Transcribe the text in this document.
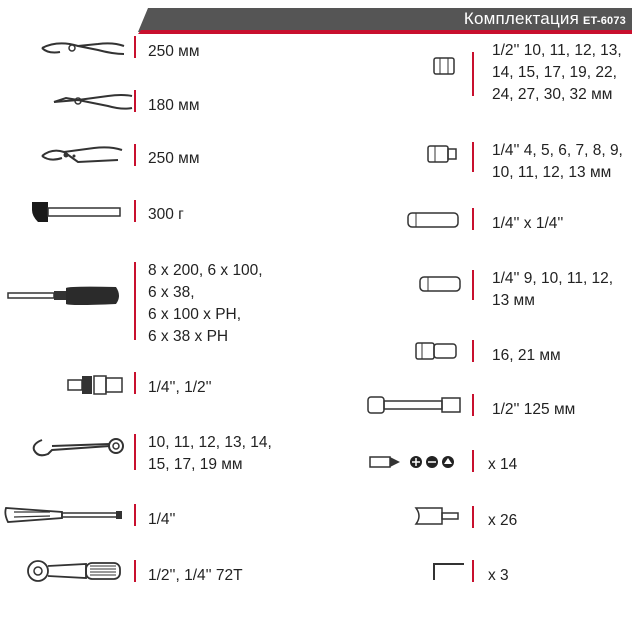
Комплектация ET-6073
250 мм
180 мм
250 мм
300 г
8 x 200, 6 x 100,
6 x 38,
6 x 100 x PH,
6 x 38 x PH
1/4'', 1/2''
10, 11, 12, 13, 14,
15, 17, 19 мм
1/4''
1/2'', 1/4'' 72T
1/2'' 10, 11, 12, 13,
14, 15, 17, 19, 22,
24, 27, 30, 32 мм
1/4'' 4, 5, 6, 7, 8, 9,
10, 11, 12, 13 мм
1/4'' x 1/4''
1/4'' 9, 10, 11, 12,
13 мм
16, 21 мм
1/2'' 125 мм
x 14
x 26
x 3
